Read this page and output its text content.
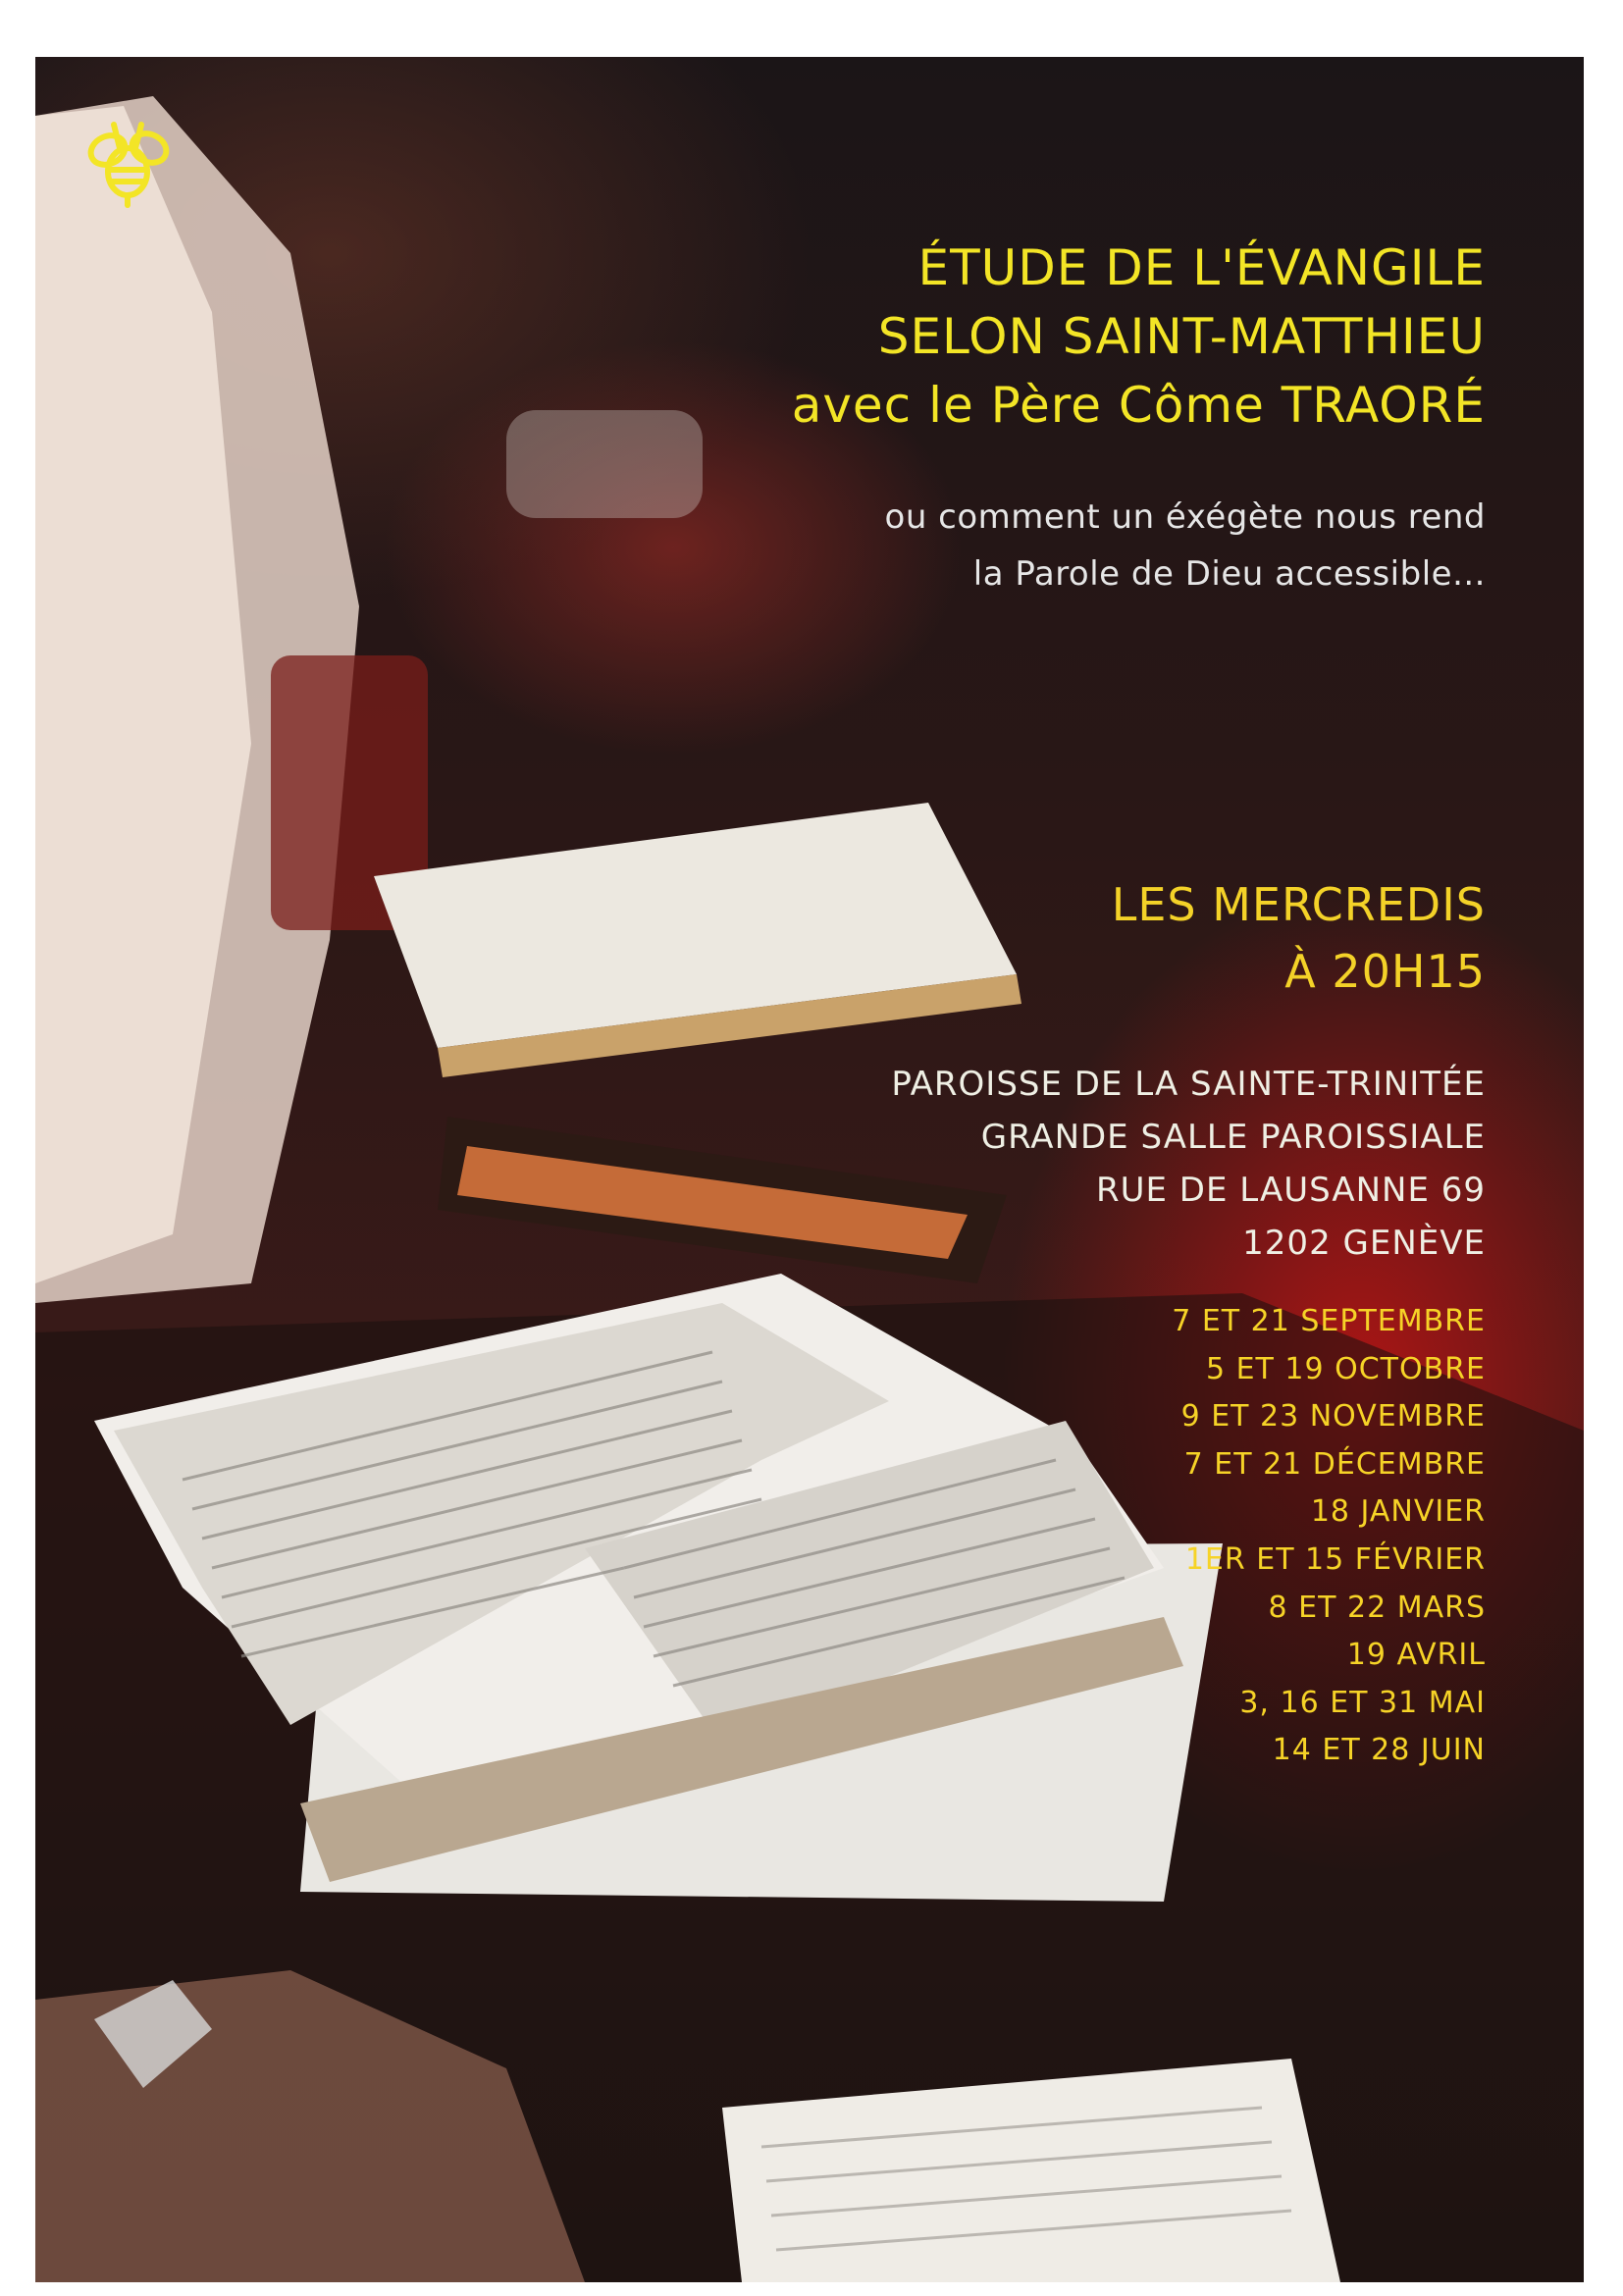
ÉTUDE DE L'ÉVANGILE
SELON SAINT-MATTHIEU
avec le Père Côme TRAORÉ
ou comment un éxégète nous rend
la Parole de Dieu accessible...
LES MERCREDIS
À 20H15
PAROISSE DE LA SAINTE-TRINITÉE
GRANDE SALLE PAROISSIALE
RUE DE LAUSANNE 69
1202 GENÈVE
7 ET 21 SEPTEMBRE
5 ET 19 OCTOBRE
9 ET 23 NOVEMBRE
7 ET 21 DÉCEMBRE
18 JANVIER
1ER ET 15 FÉVRIER
8 ET 22 MARS
19 AVRIL
3, 16 ET 31 MAI
14 ET 28 JUIN
